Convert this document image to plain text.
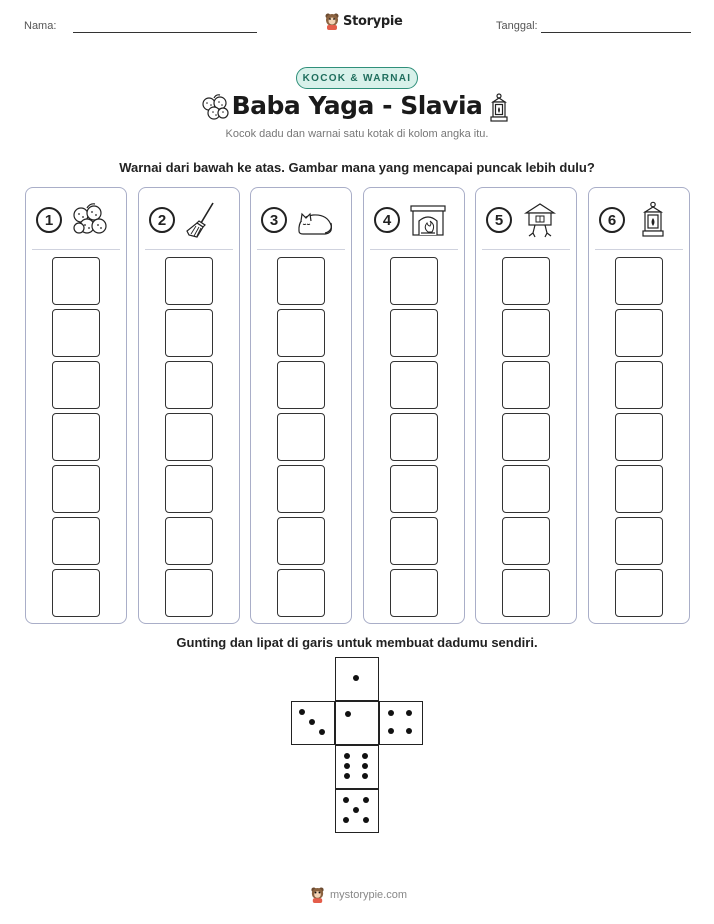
Nama:	Storypie	Tanggal:
KOCOK & WARNAI
Baba Yaga - Slavia
Kocok dadu dan warnai satu kotak di kolom angka itu.
Warnai dari bawah ke atas. Gambar mana yang mencapai puncak lebih dulu?
1	2	3	4	5	6
Gunting dan lipat di garis untuk membuat dadumu sendiri.
mystorypie.com
